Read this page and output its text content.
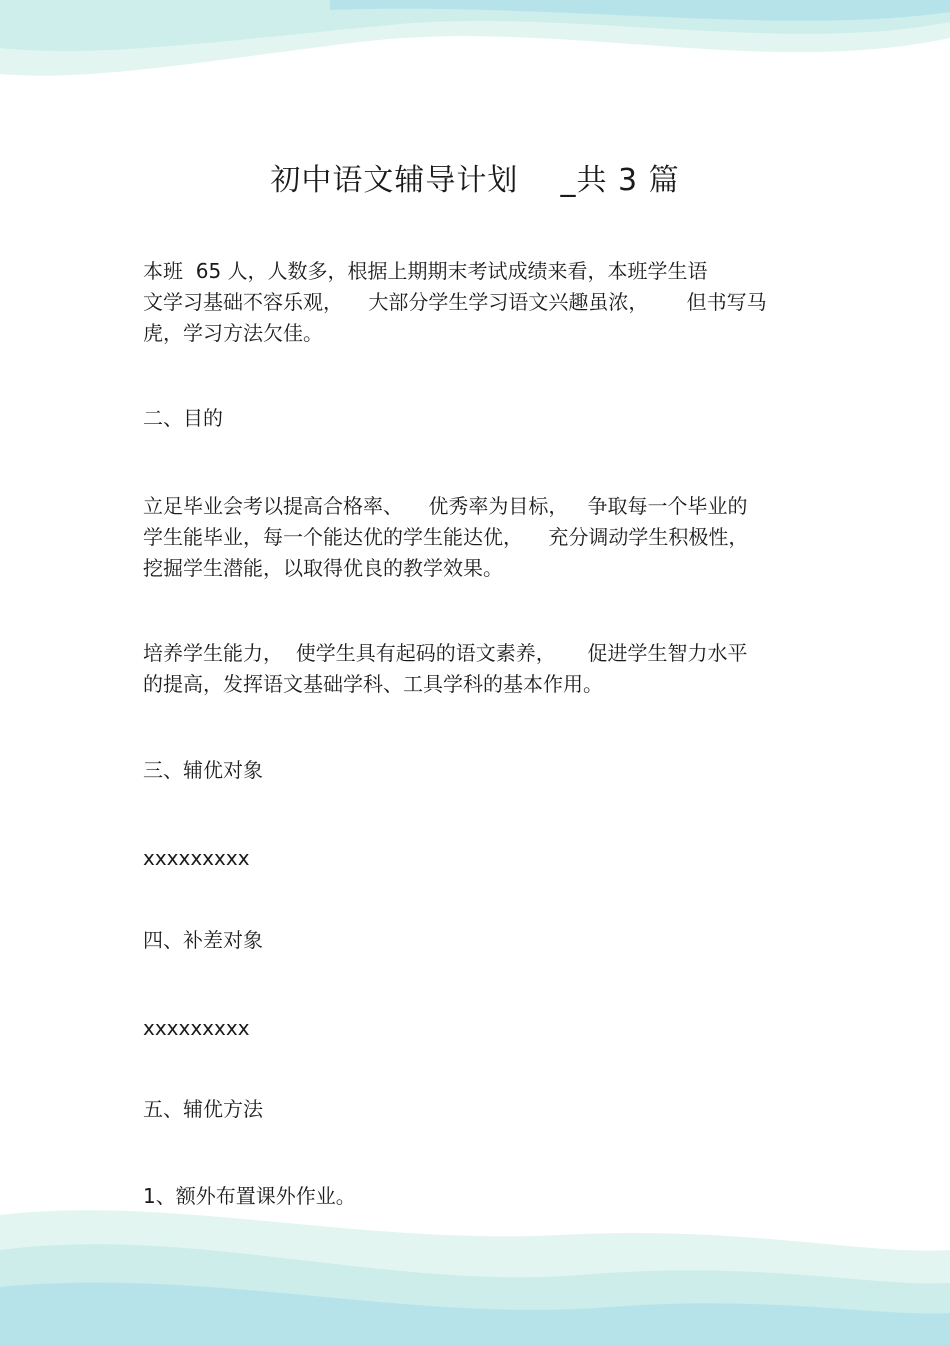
初中语文辅导计划    _共 3 篇

本班  65 人，人数多，根据上期期末考试成绩来看，本班学生语
文学习基础不容乐观，    大部分学生学习语文兴趣虽浓，      但书写马
虎，学习方法欠佳。

二、目的

立足毕业会考以提高合格率、    优秀率为目标，   争取每一个毕业的
学生能毕业，每一个能达优的学生能达优，    充分调动学生积极性，
挖掘学生潜能，以取得优良的教学效果。

培养学生能力，  使学生具有起码的语文素养，     促进学生智力水平
的提高，发挥语文基础学科、工具学科的基本作用。

三、辅优对象

xxxxxxxxx

四、补差对象

xxxxxxxxx

五、辅优方法

1、额外布置课外作业。
